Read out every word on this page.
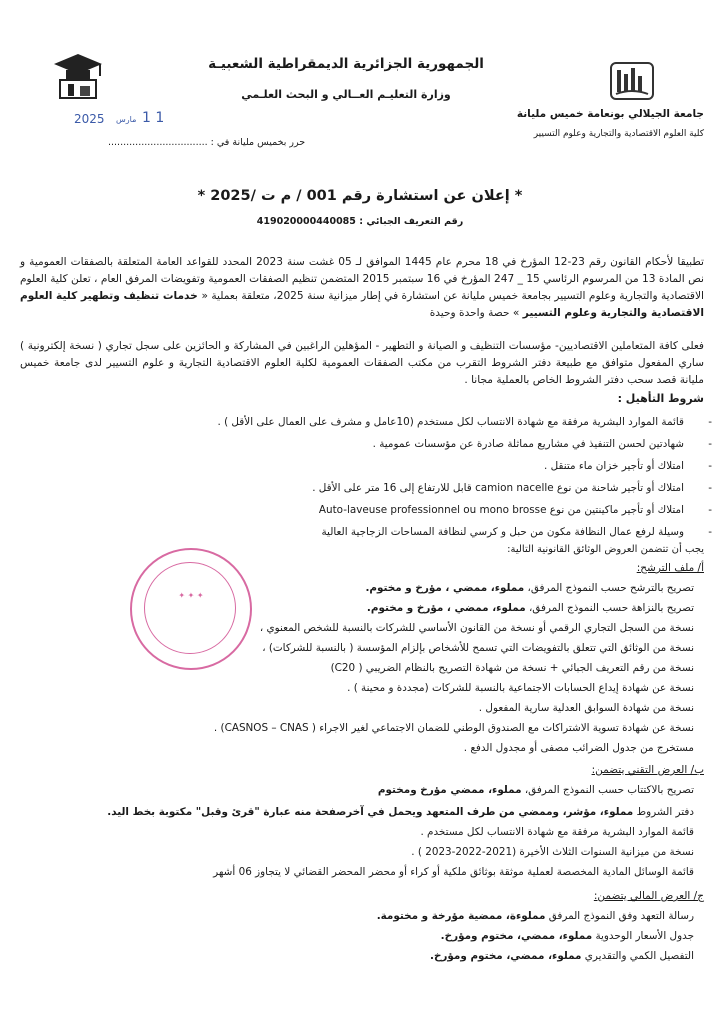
الجمهورية الجزائرية الديمقراطية الشعبيـة
وزارة التعليـم العــالي و البحث العلـمي
جامعة الجيلالي بونعامة خميس مليانة
كلية العلوم الاقتصادية والتجارية وعلوم التسيير
2025 مارس 1 1
حرر بخميس مليانة في : .................................
* إعلان عن استشارة رقم 001 / م ت /2025 *
رقم التعريف الجبائي : 419020000440085
تطبيقا لأحكام القانون رقم 23-12 المؤرخ في 18 محرم عام 1445 الموافق لـ 05 غشت سنة 2023 المحدد للقواعد العامة المتعلقة بالصفقات العمومية و نص المادة 13 من المرسوم الرئاسي 15 _ 247 المؤرخ في 16 سبتمبر 2015 المتضمن تنظيم الصفقات العمومية وتفويضات المرفق العام ، تعلن كلية العلوم الاقتصادية والتجارية وعلوم التسيير بجامعة خميس مليانة عن استشارة في إطار ميزانية سنة 2025، متعلقة بعملية « خدمات تنظيف وتطهير كلية العلوم الاقتصادية والتجارية وعلوم التسيير » حصة واحدة وحيدة
فعلى كافة المتعاملين الاقتصاديين- مؤسسات التنظيف و الصيانة و التطهير - المؤهلين الراغبين في المشاركة و الحائزين على سجل تجاري ( نسخة إلكترونية ) ساري المفعول متوافق مع طبيعة دفتر الشروط التقرب من مكتب الصفقات العمومية لكلية العلوم الاقتصادية التجارية و علوم التسيير لدى جامعة خميس مليانة قصد سحب دفتر الشروط الخاص بالعملية مجانا .
شروط التأهيل :
- قائمة الموارد البشرية مرفقة مع شهادة الانتساب لكل مستخدم (10عامل و مشرف على العمال على الأقل ) .
- شهادتين لحسن التنفيذ في مشاريع مماثلة صادرة عن مؤسسات عمومية .
- امتلاك أو تأجير خزان ماء متنقل .
- امتلاك أو تأجير شاحنة من نوع camion nacelle قابل للارتفاع إلى 16 متر على الأقل .
- امتلاك أو تأجير ماكينتين من نوع Auto-laveuse professionnel ou mono brosse
- وسيلة لرفع عمال النظافة مكون من حبل و كرسي لنظافة المساحات الزجاجية العالية
يجب أن تتضمن العروض الوثائق القانونية التالية:
✦ ✦ ✦
أ/ ملف الترشح:
تصريح بالترشح حسب النموذج المرفق، مملوء، ممضي ، مؤرخ و مختوم.
تصريح بالنزاهة حسب النموذج المرفق، مملوء، ممضي ، مؤرخ و مختوم.
نسخة من السجل التجاري الرقمي أو نسخة من القانون الأساسي للشركات بالنسبة للشخص المعنوي ،
نسخة من الوثائق التي تتعلق بالتفويضات التي تسمح للأشخاص بإلزام المؤسسة ( بالنسبة للشركات) ،
نسخة من رقم التعريف الجبائي + نسخة من شهادة التصريح بالنظام الضريبي ( C20)
نسخة عن شهادة إيداع الحسابات الاجتماعية بالنسبة للشركات (مجددة و محينة ) .
نسخة من شهادة السوابق العدلية سارية المفعول .
نسخة عن شهادة تسوية الاشتراكات مع الصندوق الوطني للضمان الاجتماعي لغير الاجراء ( CASNOS – CNAS) .
مستخرج من جدول الضرائب مصفى أو مجدول الدفع .
ب/ العرض التقني يتضمن:
تصريح بالاكتتاب حسب النموذج المرفق، مملوء، ممضي مؤرخ ومختوم
دفتر الشروط مملوء، مؤشر، وممضي من طرف المتعهد ويحمل في آخرصفحة منه عبارة "قرئ وقبل" مكتوبة بخط اليد.
قائمة الموارد البشرية مرفقة مع شهادة الانتساب لكل مستخدم .
نسخة من ميزانية السنوات الثلاث الأخيرة (2021-2022-2023 ) .
قائمة الوسائل المادية المخصصة لعملية موثقة بوثائق ملكية أو كراء أو محضر المحضر القضائي لا يتجاوز 06 أشهر
ج/ العرض المالي يتضمن:
رسالة التعهد وفق النموذج المرفق مملوءة، ممضية مؤرخة و مختومة.
جدول الأسعار الوحدوية مملوء، ممضي، مختوم ومؤرخ.
التفصيل الكمي والتقديري مملوء، ممضي، مختوم ومؤرخ.
